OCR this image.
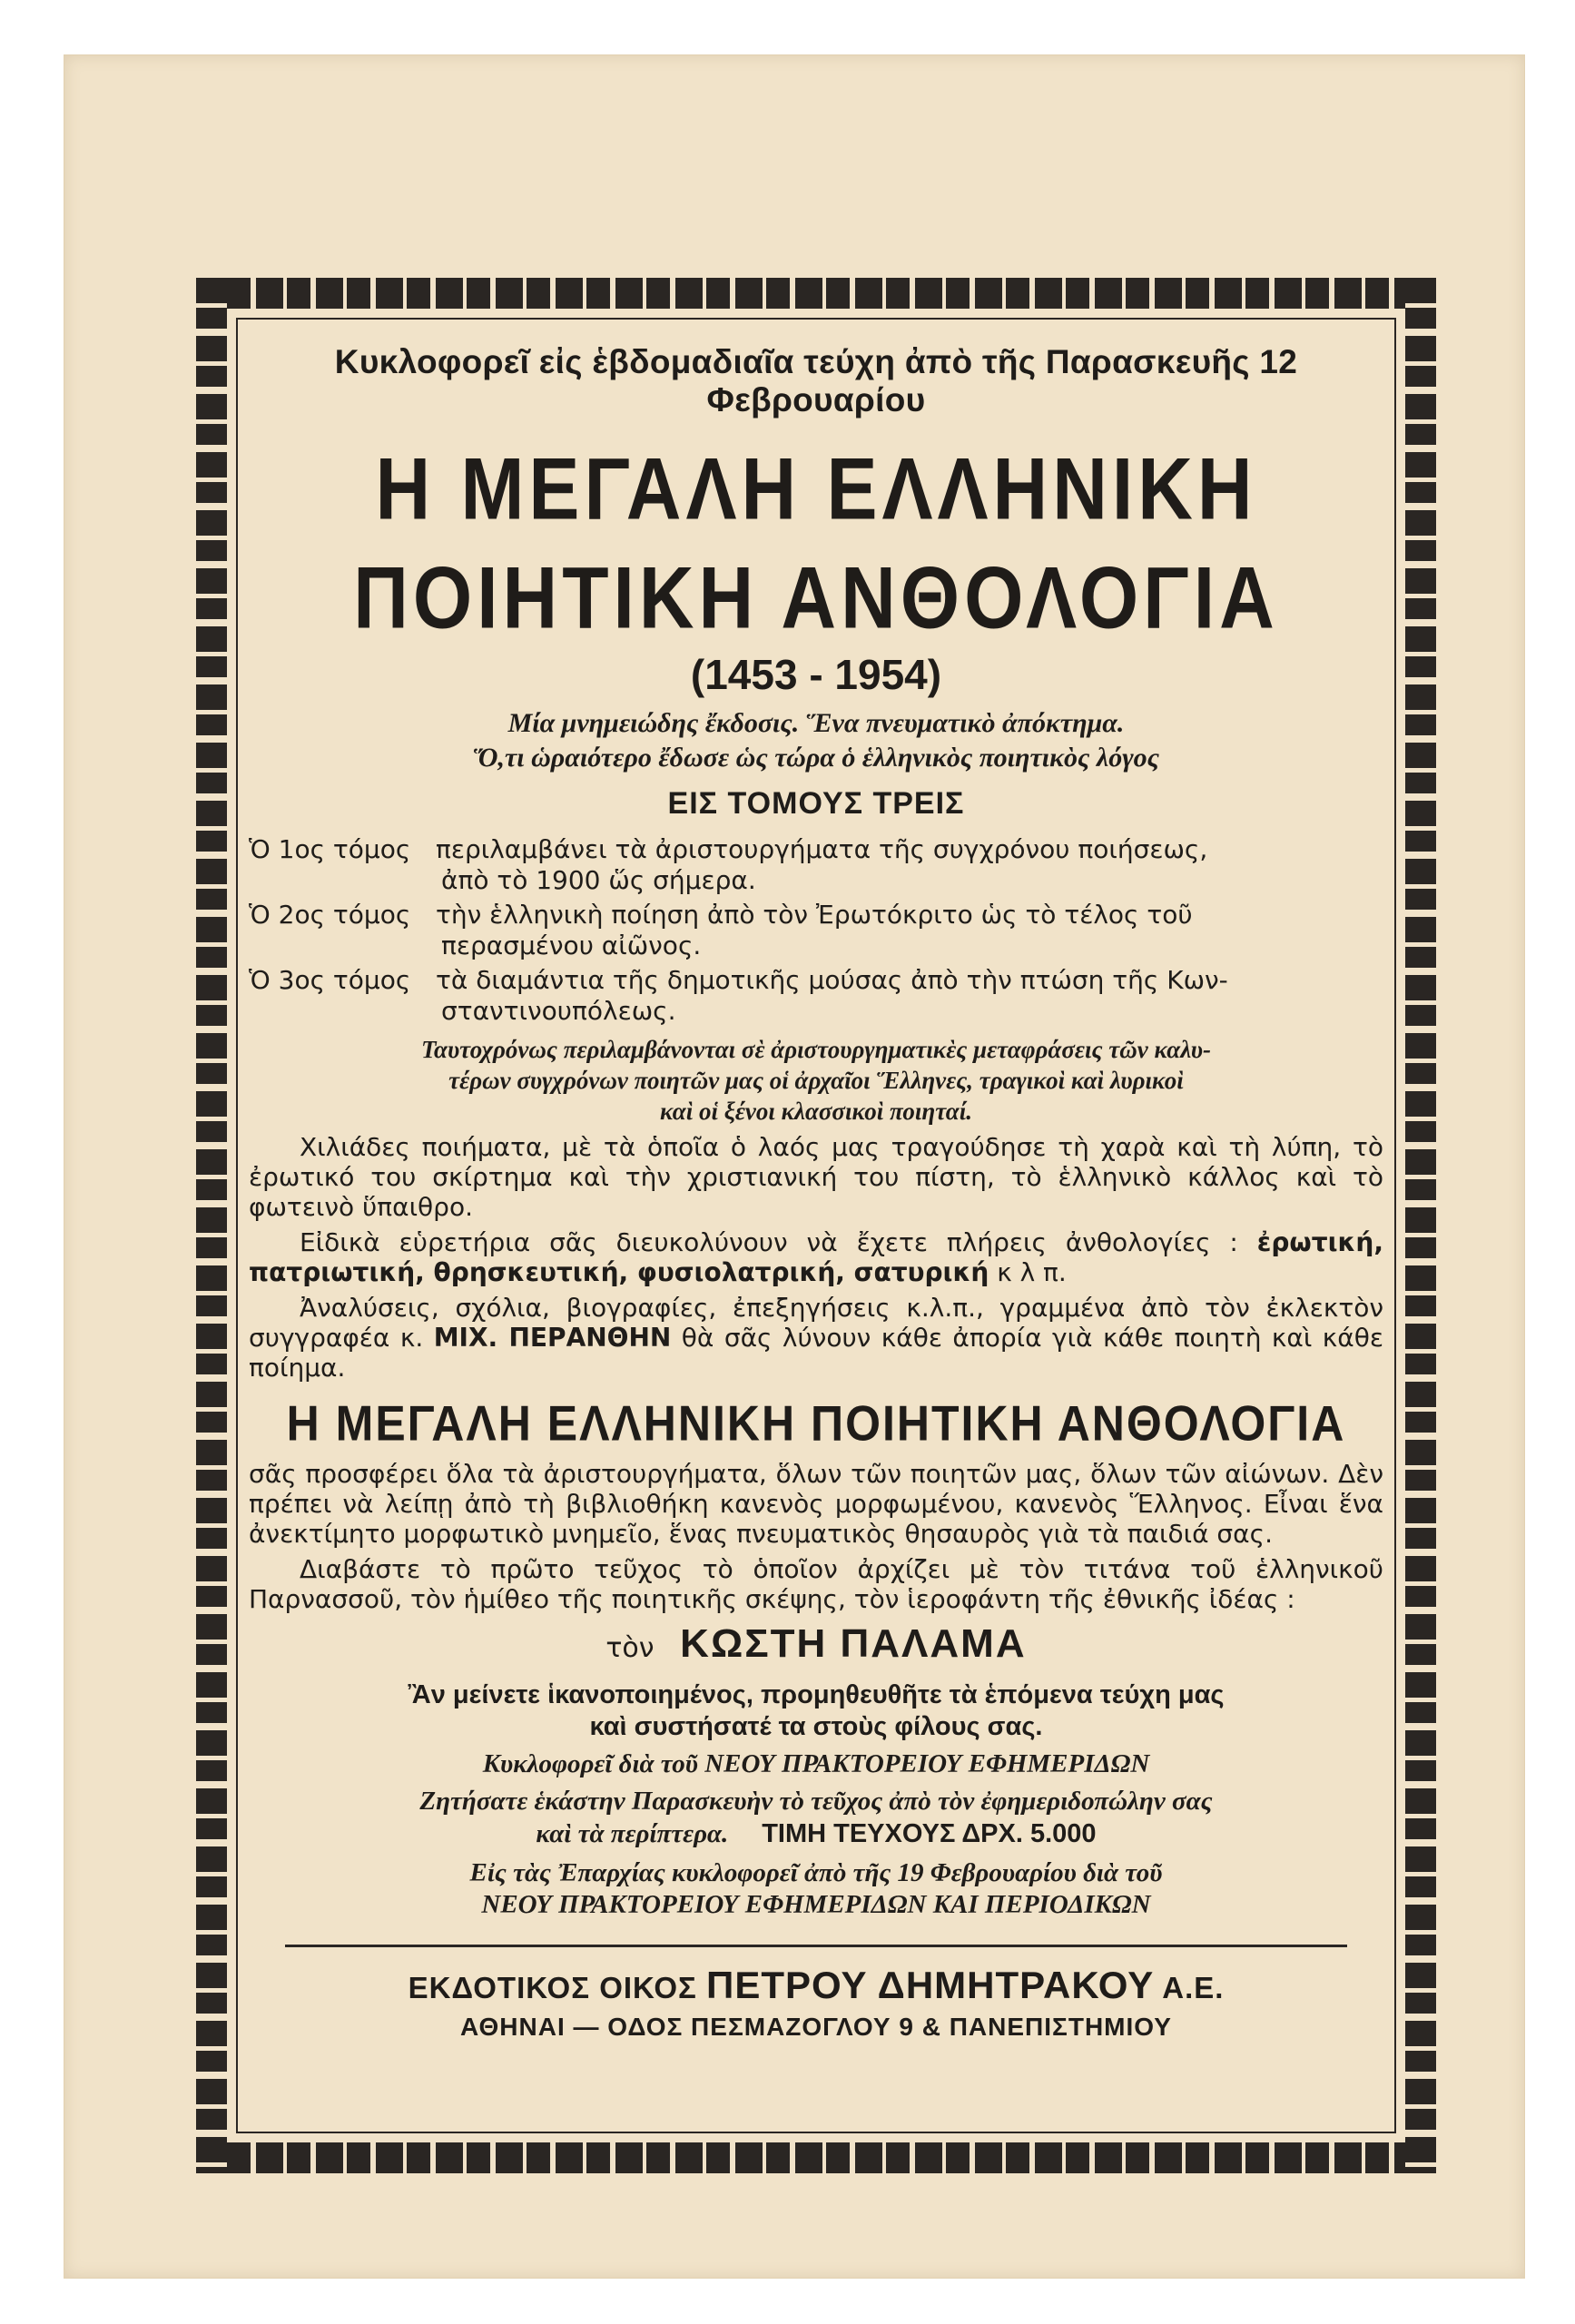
Κυκλοφορεῖ εἰς ἑβδομαδιαῖα τεύχη ἀπὸ τῆς Παρασκευῆς 12 Φεβρουαρίου
Η ΜΕΓΑΛΗ ΕΛΛΗΝΙΚΗ
ΠΟΙΗΤΙΚΗ ΑΝΘΟΛΟΓΙΑ
(1453 - 1954)
Μία μνημειώδης ἔκδοσις. Ἕνα πνευματικὸ ἀπόκτημα.
Ὅ,τι ὡραιότερο ἔδωσε ὡς τώρα ὁ ἑλληνικὸς ποιητικὸς λόγος
ΕΙΣ ΤΟΜΟΥΣ ΤΡΕΙΣ
Ὁ 1ος τόμος περιλαμβάνει τὰ ἀριστουργήματα τῆς συγχρόνου ποιήσεως,
ἀπὸ τὸ 1900 ὥς σήμερα.
Ὁ 2ος τόμος τὴν ἑλληνικὴ ποίηση ἀπὸ τὸν Ἐρωτόκριτο ὡς τὸ τέλος τοῦ
περασμένου αἰῶνος.
Ὁ 3ος τόμος τὰ διαμάντια τῆς δημοτικῆς μούσας ἀπὸ τὴν πτώση τῆς Κων-
σταντινουπόλεως.
Ταυτοχρόνως περιλαμβάνονται σὲ ἀριστουργηματικὲς μεταφράσεις τῶν καλυ-
τέρων συγχρόνων ποιητῶν μας οἱ ἀρχαῖοι Ἕλληνες, τραγικοὶ καὶ λυρικοὶ
καὶ οἱ ξένοι κλασσικοὶ ποιηταί.

Χιλιάδες ποιήματα, μὲ τὰ ὁποῖα ὁ λαός μας τραγούδησε τὴ χαρὰ καὶ τὴ λύπη, τὸ ἐρωτικό του σκίρτημα καὶ τὴν χριστιανική του πίστη, τὸ ἑλληνικὸ κάλλος καὶ τὸ φωτεινὸ ὕπαιθρο.

Εἰδικὰ εὑρετήρια σᾶς διευκολύνουν νὰ ἔχετε πλήρεις ἀνθολογίες : ἐρωτική, πατριωτική, θρησκευτική, φυσιολατρική, σατυρική κ λ π.

Ἀναλύσεις, σχόλια, βιογραφίες, ἐπεξηγήσεις κ.λ.π., γραμμένα ἀπὸ τὸν ἐκλεκτὸν συγγραφέα κ. ΜΙΧ. ΠΕΡΑΝΘΗΝ θὰ σᾶς λύνουν κάθε ἀπορία γιὰ κάθε ποιητὴ καὶ κάθε ποίημα.

Η ΜΕΓΑΛΗ ΕΛΛΗΝΙΚΗ ΠΟΙΗΤΙΚΗ ΑΝΘΟΛΟΓΙΑ

σᾶς προσφέρει ὅλα τὰ ἀριστουργήματα, ὅλων τῶν ποιητῶν μας, ὅλων τῶν αἰώνων. Δὲν πρέπει νὰ λείπῃ ἀπὸ τὴ βιβλιοθήκη κανενὸς μορφωμένου, κανενὸς Ἕλληνος. Εἶναι ἕνα ἀνεκτίμητο μορφωτικὸ μνημεῖο, ἕνας πνευματικὸς θησαυρὸς γιὰ τὰ παιδιά σας.

Διαβάστε τὸ πρῶτο τεῦχος τὸ ὁποῖον ἀρχίζει μὲ τὸν τιτάνα τοῦ ἑλληνικοῦ Παρνασσοῦ, τὸν ἡμίθεο τῆς ποιητικῆς σκέψης, τὸν ἱεροφάντη τῆς ἐθνικῆς ἰδέας :

τὸν ΚΩΣΤΗ ΠΑΛΑΜΑ
Ἂν μείνετε ἱκανοποιημένος, προμηθευθῆτε τὰ ἑπόμενα τεύχη μας
καὶ συστήσατέ τα στοὺς φίλους σας.
Κυκλοφορεῖ διὰ τοῦ ΝΕΟΥ ΠΡΑΚΤΟΡΕΙΟΥ ΕΦΗΜΕΡΙΔΩΝ
Ζητήσατε ἑκάστην Παρασκευὴν τὸ τεῦχος ἀπὸ τὸν ἐφημεριδοπώλην σας
καὶ τὰ περίπτερα. ΤΙΜΗ ΤΕΥΧΟΥΣ ΔΡΧ. 5.000
Εἰς τὰς Ἐπαρχίας κυκλοφορεῖ ἀπὸ τῆς 19 Φεβρουαρίου διὰ τοῦ
ΝΕΟΥ ΠΡΑΚΤΟΡΕΙΟΥ ΕΦΗΜΕΡΙΔΩΝ ΚΑΙ ΠΕΡΙΟΔΙΚΩΝ
ΕΚΔΟΤΙΚΟΣ ΟΙΚΟΣ ΠΕΤΡΟΥ ΔΗΜΗΤΡΑΚΟΥ Α.Ε.
ΑΘΗΝΑΙ — ΟΔΟΣ ΠΕΣΜΑΖΟΓΛΟΥ 9 & ΠΑΝΕΠΙΣΤΗΜΙΟΥ
